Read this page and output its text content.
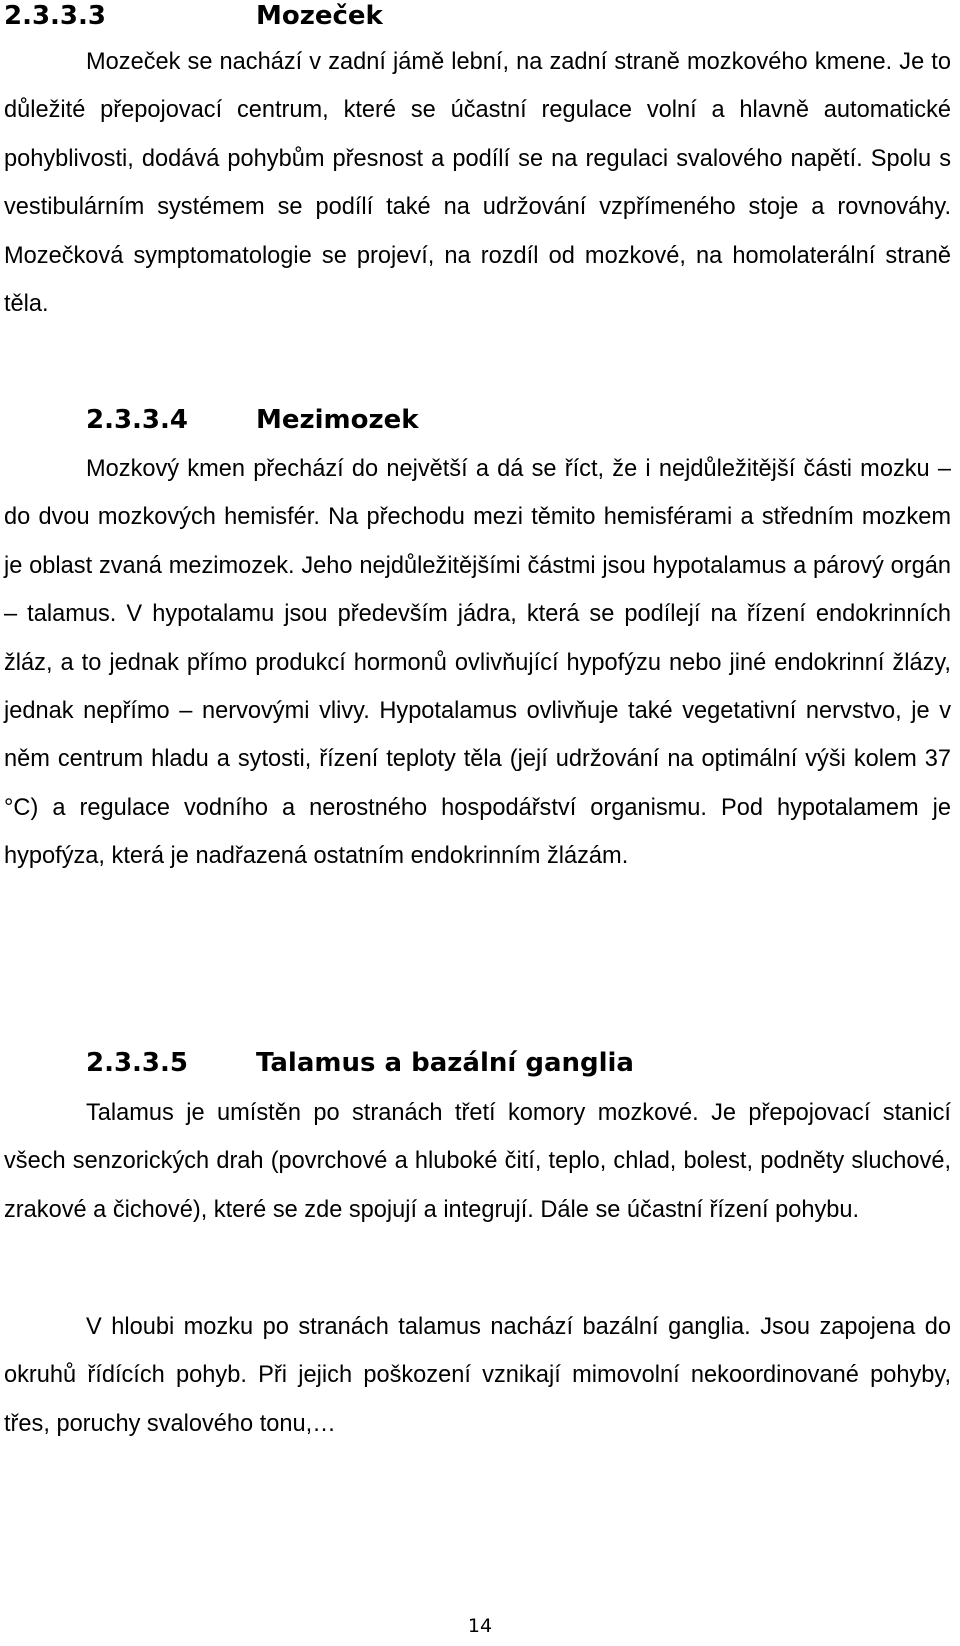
2.3.3.3	Mozeček

Mozeček se nachází v zadní jámě lební, na zadní straně mozkového kmene. Je to důležité přepojovací centrum, které se účastní regulace volní a hlavně automatické pohyblivosti, dodává pohybům přesnost a podílí se na regulaci svalového napětí. Spolu s vestibulárním systémem se podílí také na udržování vzpřímeného stoje a rovnováhy. Mozečková symptomatologie se projeví, na rozdíl od mozkové, na homolaterální straně těla.

2.3.3.4	Mezimozek

Mozkový kmen přechází do největší a dá se říct, že i nejdůležitější části mozku – do dvou mozkových hemisfér. Na přechodu mezi těmito hemisférami a středním mozkem je oblast zvaná mezimozek. Jeho nejdůležitějšími částmi jsou hypotalamus a párový orgán – talamus. V hypotalamu jsou především jádra, která se podílejí na řízení endokrinních žláz, a to jednak přímo produkcí hormonů ovlivňující hypofýzu nebo jiné endokrinní žlázy, jednak nepřímo – nervovými vlivy. Hypotalamus ovlivňuje také vegetativní nervstvo, je v něm centrum hladu a sytosti, řízení teploty těla (její udržování na optimální výši kolem 37 °C) a regulace vodního a nerostného hospodářství organismu. Pod hypotalamem je hypofýza, která je nadřazená ostatním endokrinním žlázám.

2.3.3.5	Talamus a bazální ganglia

Talamus je umístěn po stranách třetí komory mozkové. Je přepojovací stanicí všech senzorických drah (povrchové a hluboké čití, teplo, chlad, bolest, podněty sluchové, zrakové a čichové), které se zde spojují a integrují. Dále se účastní řízení pohybu.

V hloubi mozku po stranách talamus nachází bazální ganglia. Jsou zapojena do okruhů řídících pohyb. Při jejich poškození vznikají mimovolní nekoordinované pohyby, třes, poruchy svalového tonu,…

14
